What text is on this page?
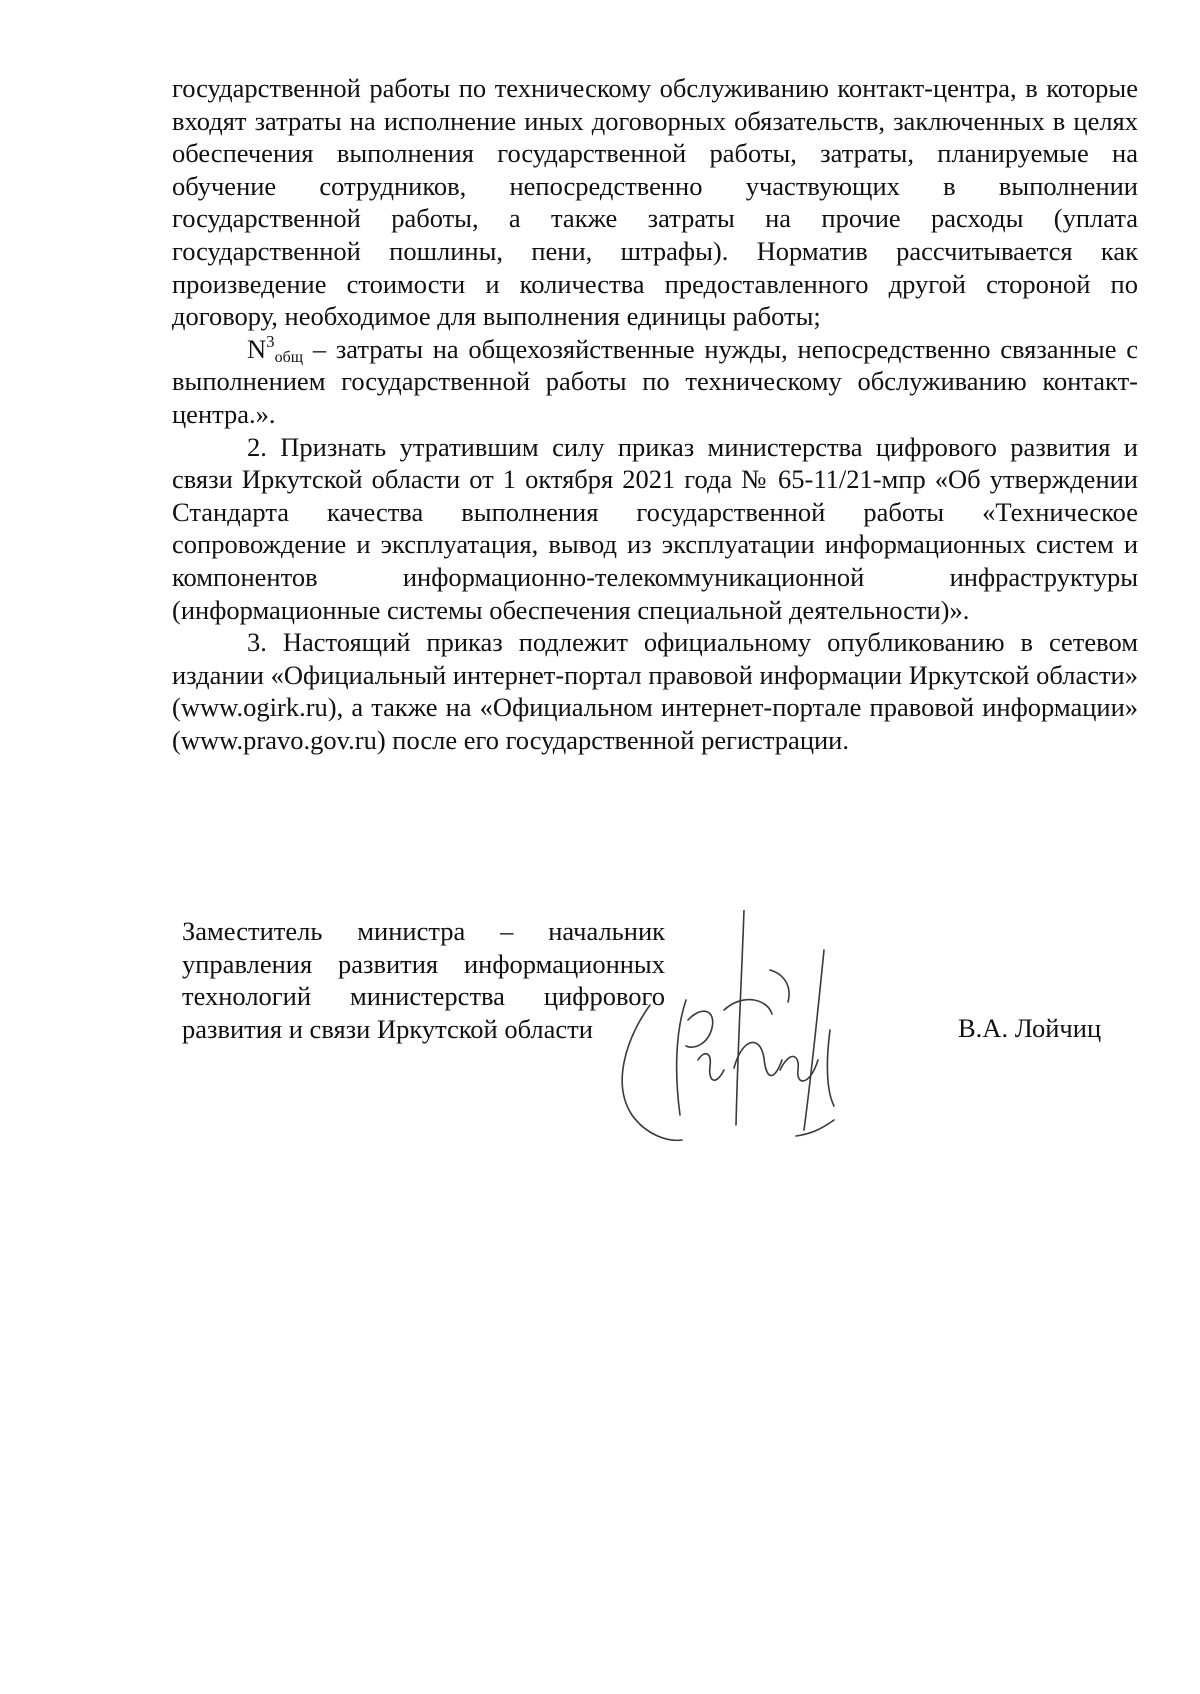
государственной работы по техническому обслуживанию контакт-центра, в которые входят затраты на исполнение иных договорных обязательств, заключенных в целях обеспечения выполнения государственной работы, затраты, планируемые на обучение сотрудников, непосредственно участвующих в выполнении государственной работы, а также затраты на прочие расходы (уплата государственной пошлины, пени, штрафы). Норматив рассчитывается как произведение стоимости и количества предоставленного другой стороной по договору, необходимое для выполнения единицы работы;

$N^3_{общ}$ – затраты на общехозяйственные нужды, непосредственно связанные с выполнением государственной работы по техническому обслуживанию контакт-центра.».

2. Признать утратившим силу приказ министерства цифрового развития и связи Иркутской области от 1 октября 2021 года № 65-11/21-мпр «Об утверждении Стандарта качества выполнения государственной работы «Техническое сопровождение и эксплуатация, вывод из эксплуатации информационных систем и компонентов информационно-телекоммуникационной инфраструктуры (информационные системы обеспечения специальной деятельности)».

3. Настоящий приказ подлежит официальному опубликованию в сетевом издании «Официальный интернет-портал правовой информации Иркутской области» (www.ogirk.ru), а также на «Официальном интернет-портале правовой информации» (www.pravo.gov.ru) после его государственной регистрации.

Заместитель министра – начальник управления развития информационных технологий министерства цифрового развития и связи Иркутской области	В.А. Лойчиц
